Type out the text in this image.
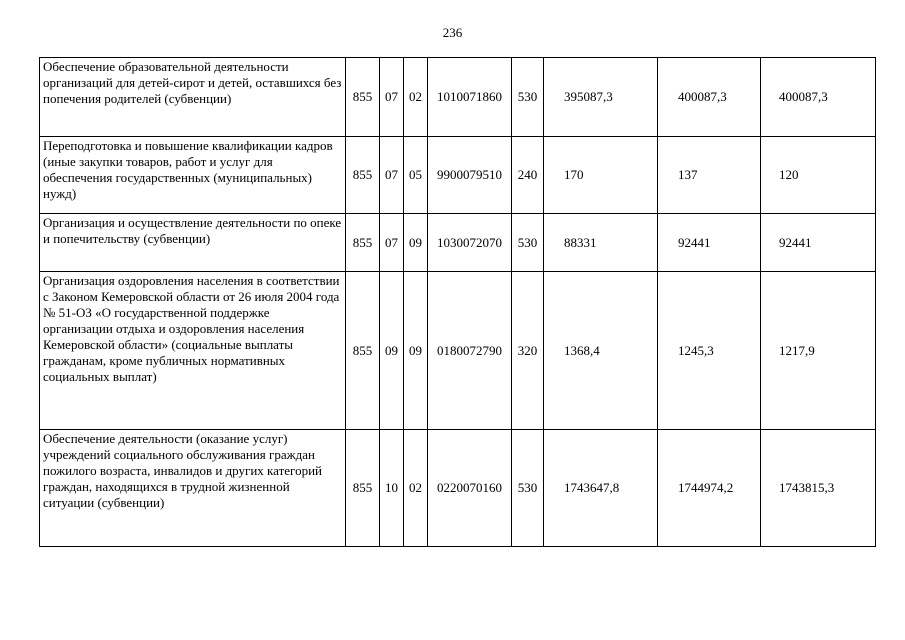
236
Обеспечение образовательной деятельности организаций для детей-сирот и детей, оставшихся без попечения родителей (субвенции)	855	07	02	1010071860	530	395087,3	400087,3	400087,3
Переподготовка и повышение квалификации кадров (иные закупки товаров, работ и услуг для обеспечения государственных (муниципальных) нужд)	855	07	05	9900079510	240	170	137	120
Организация и осуществление деятельности по опеке и попечительству (субвенции)	855	07	09	1030072070	530	88331	92441	92441
Организация оздоровления населения в соответствии с Законом Кемеровской области от 26 июля 2004 года № 51-ОЗ «О государственной поддержке организации отдыха и оздоровления населения Кемеровской области» (социальные выплаты гражданам, кроме публичных нормативных социальных выплат)	855	09	09	0180072790	320	1368,4	1245,3	1217,9
Обеспечение деятельности (оказание услуг) учреждений социального обслуживания граждан пожилого возраста, инвалидов и других категорий граждан, находящихся в трудной жизненной ситуации (субвенции)	855	10	02	0220070160	530	1743647,8	1744974,2	1743815,3
